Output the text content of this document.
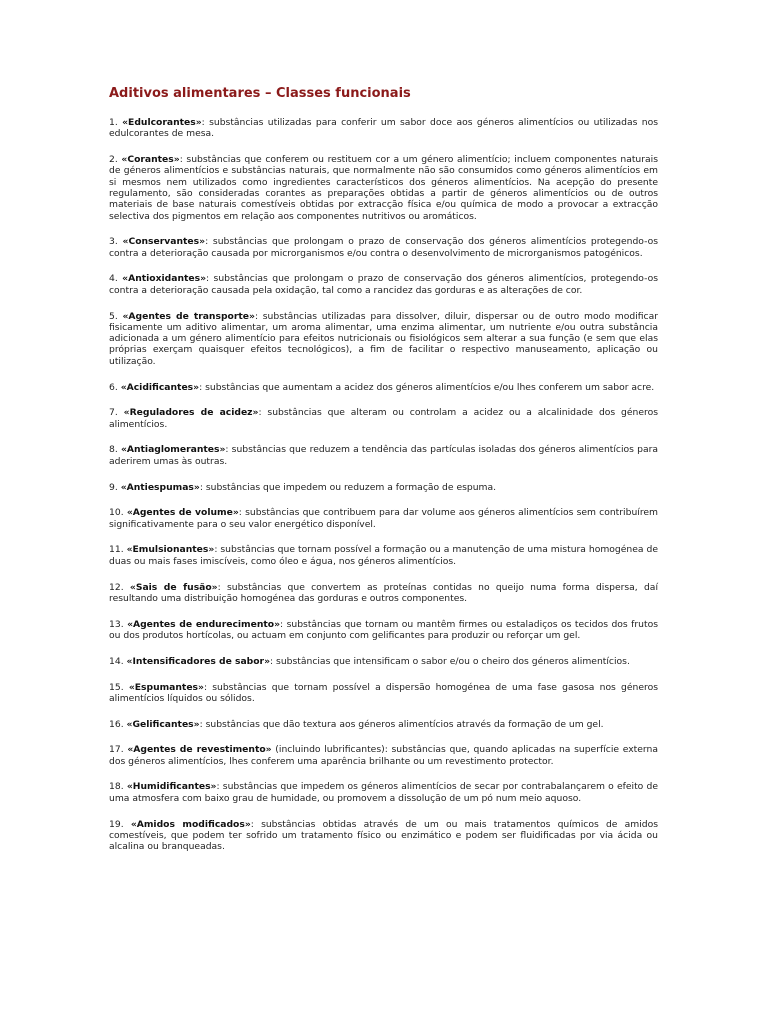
Aditivos alimentares – Classes funcionais

1. «Edulcorantes»: substâncias utilizadas para conferir um sabor doce aos géneros alimentícios ou utilizadas nos edulcorantes de mesa.

2. «Corantes»: substâncias que conferem ou restituem cor a um género alimentício; incluem componentes naturais de géneros alimentícios e substâncias naturais, que normalmente não são consumidos como géneros alimentícios em si mesmos nem utilizados como ingredientes característicos dos géneros alimentícios. Na acepção do presente regulamento, são consideradas corantes as preparações obtidas a partir de géneros alimentícios ou de outros materiais de base naturais comestíveis obtidas por extracção física e/ou química de modo a provocar a extracção selectiva dos pigmentos em relação aos componentes nutritivos ou aromáticos.

3. «Conservantes»: substâncias que prolongam o prazo de conservação dos géneros alimentícios protegendo-os contra a deterioração causada por microrganismos e/ou contra o desenvolvimento de microrganismos patogénicos.

4. «Antioxidantes»: substâncias que prolongam o prazo de conservação dos géneros alimentícios, protegendo-os contra a deterioração causada pela oxidação, tal como a rancidez das gorduras e as alterações de cor.

5. «Agentes de transporte»: substâncias utilizadas para dissolver, diluir, dispersar ou de outro modo modificar fisicamente um aditivo alimentar, um aroma alimentar, uma enzima alimentar, um nutriente e/ou outra substância adicionada a um género alimentício para efeitos nutricionais ou fisiológicos sem alterar a sua função (e sem que elas próprias exerçam quaisquer efeitos tecnológicos), a fim de facilitar o respectivo manuseamento, aplicação ou utilização.

6. «Acidificantes»: substâncias que aumentam a acidez dos géneros alimentícios e/ou lhes conferem um sabor acre.

7. «Reguladores de acidez»: substâncias que alteram ou controlam a acidez ou a alcalinidade dos géneros alimentícios.

8. «Antiaglomerantes»: substâncias que reduzem a tendência das partículas isoladas dos géneros alimentícios para aderirem umas às outras.

9. «Antiespumas»: substâncias que impedem ou reduzem a formação de espuma.

10. «Agentes de volume»: substâncias que contribuem para dar volume aos géneros alimentícios sem contribuírem significativamente para o seu valor energético disponível.

11. «Emulsionantes»: substâncias que tornam possível a formação ou a manutenção de uma mistura homogénea de duas ou mais fases imiscíveis, como óleo e água, nos géneros alimentícios.

12. «Sais de fusão»: substâncias que convertem as proteínas contidas no queijo numa forma dispersa, daí resultando uma distribuição homogénea das gorduras e outros componentes.

13. «Agentes de endurecimento»: substâncias que tornam ou mantêm firmes ou estaladiços os tecidos dos frutos ou dos produtos hortícolas, ou actuam em conjunto com gelificantes para produzir ou reforçar um gel.

14. «Intensificadores de sabor»: substâncias que intensificam o sabor e/ou o cheiro dos géneros alimentícios.

15. «Espumantes»: substâncias que tornam possível a dispersão homogénea de uma fase gasosa nos géneros alimentícios líquidos ou sólidos.

16. «Gelificantes»: substâncias que dão textura aos géneros alimentícios através da formação de um gel.

17. «Agentes de revestimento» (incluindo lubrificantes): substâncias que, quando aplicadas na superfície externa dos géneros alimentícios, lhes conferem uma aparência brilhante ou um revestimento protector.

18. «Humidificantes»: substâncias que impedem os géneros alimentícios de secar por contrabalançarem o efeito de uma atmosfera com baixo grau de humidade, ou promovem a dissolução de um pó num meio aquoso.

19. «Amidos modificados»: substâncias obtidas através de um ou mais tratamentos químicos de amidos comestíveis, que podem ter sofrido um tratamento físico ou enzimático e podem ser fluidificadas por via ácida ou alcalina ou branqueadas.
